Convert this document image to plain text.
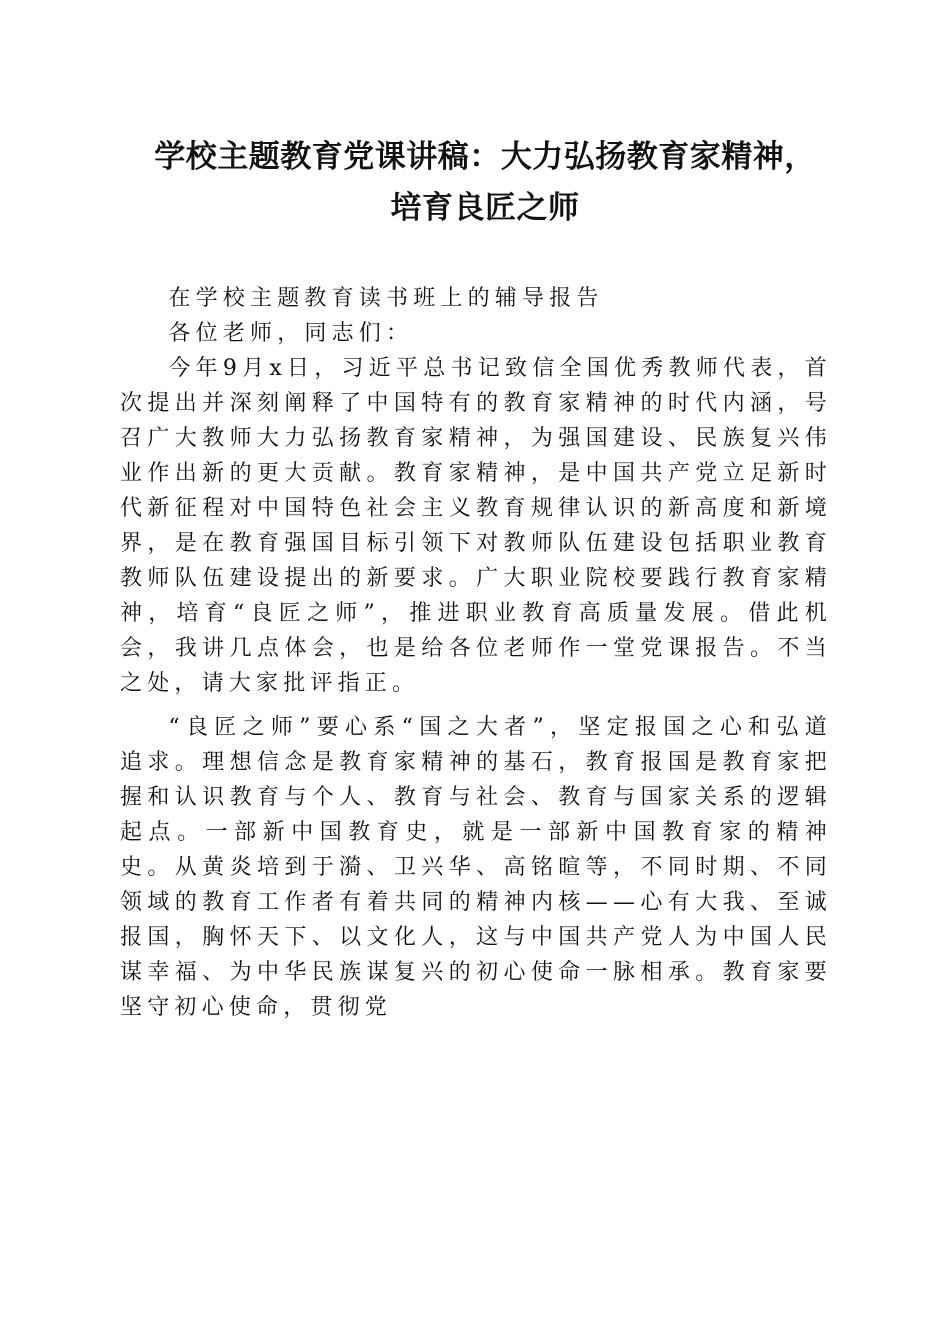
学校主题教育党课讲稿：大力弘扬教育家精神，
培育良匠之师

在学校主题教育读书班上的辅导报告

各位老师，同志们：

今年9月x日，习近平总书记致信全国优秀教师代表，首次提出并深刻阐释了中国特有的教育家精神的时代内涵，号召广大教师大力弘扬教育家精神，为强国建设、民族复兴伟业作出新的更大贡献。教育家精神，是中国共产党立足新时代新征程对中国特色社会主义教育规律认识的新高度和新境界，是在教育强国目标引领下对教师队伍建设包括职业教育教师队伍建设提出的新要求。广大职业院校要践行教育家精神，培育“良匠之师”，推进职业教育高质量发展。借此机会，我讲几点体会，也是给各位老师作一堂党课报告。不当之处，请大家批评指正。

“良匠之师”要心系“国之大者”，坚定报国之心和弘道追求。理想信念是教育家精神的基石，教育报国是教育家把握和认识教育与个人、教育与社会、教育与国家关系的逻辑起点。一部新中国教育史，就是一部新中国教育家的精神史。从黄炎培到于漪、卫兴华、高铭暄等，不同时期、不同领域的教育工作者有着共同的精神内核——心有大我、至诚报国，胸怀天下、以文化人，这与中国共产党人为中国人民谋幸福、为中华民族谋复兴的初心使命一脉相承。教育家要坚守初心使命，贯彻党
